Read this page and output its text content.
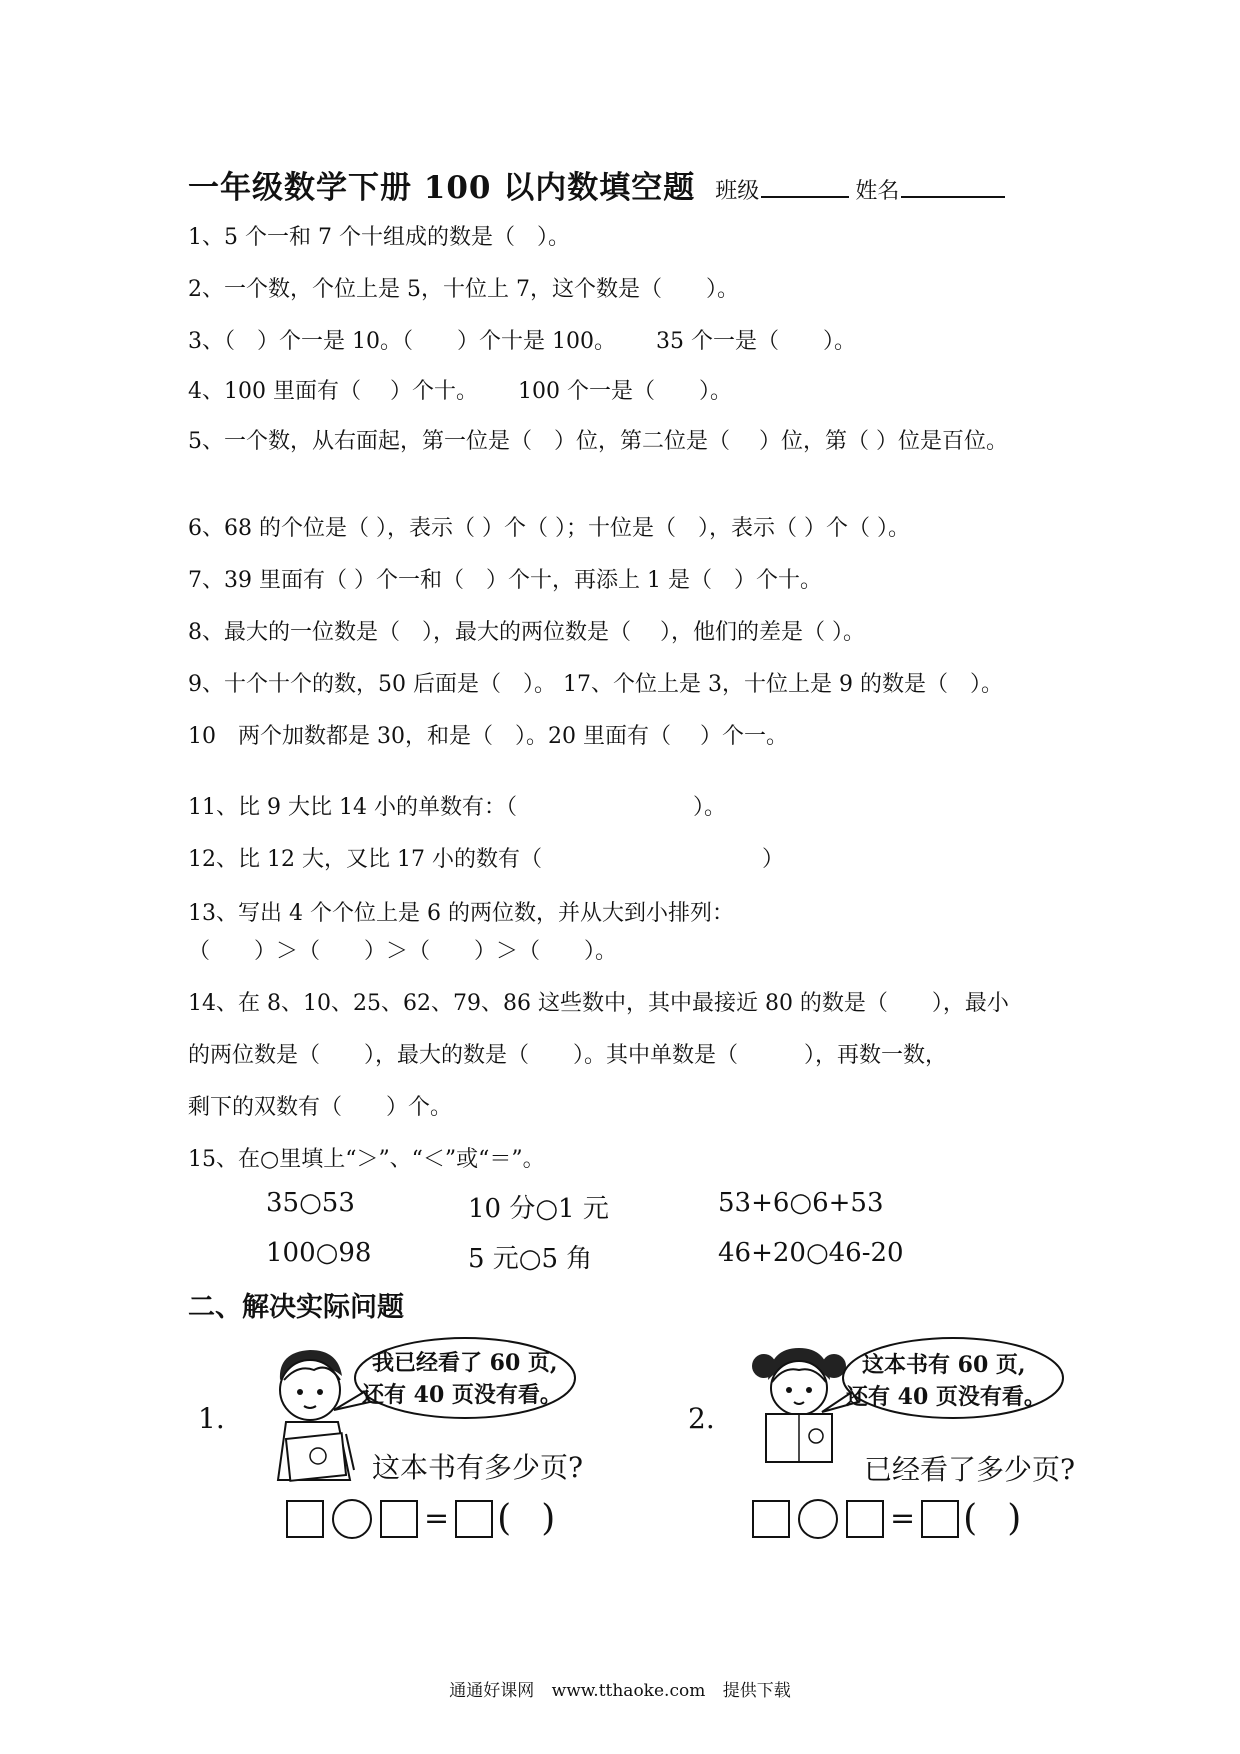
一年级数学下册 100 以内数填空题 班级	姓名
1、5 个一和 7 个十组成的数是（　）。
2、一个数，个位上是 5，十位上 7，这个数是（　　）。
3、（　）个一是 10。（　　）个十是 100。　　 35 个一是（　　）。
4、100 里面有（　 ）个十。　　 100 个一是（　　）。
5、一个数，从右面起，第一位是（　）位，第二位是（　 ）位，第（ ）位是百位。
6、68 的个位是（ ），表示（ ）个（ ）；十位是（　），表示（ ）个（ ）。
7、39 里面有（ ）个一和（　）个十，再添上 1 是（　）个十。
8、最大的一位数是（　），最大的两位数是（　 ），他们的差是（ ）。
9、十个十个的数，50 后面是（　）。 17、个位上是 3，十位上是 9 的数是（　）。
10　两个加数都是 30，和是（　）。20 里面有（　 ）个一。
11、比 9 大比 14 小的单数有：（　　　　　　　　）。
12、比 12 大，又比 17 小的数有（　　　　　　　　　　）
13、写出 4 个个位上是 6 的两位数，并从大到小排列：
（　　）＞（　　）＞（　　）＞（　　）。
14、在 8、10、25、62、79、86 这些数中，其中最接近 80 的数是（　　），最小
的两位数是（　　），最大的数是（　　）。其中单数是（　　　），再数一数，
剩下的双数有（　　）个。
15、在○里填上“＞”、“＜”或“＝”。
35○53	10 分○1 元	53+6○6+53
100○98	5 元○5 角	46+20○46-20
二、解决实际问题
1.
我已经看了 60 页,
还有 40 页没有看。
这本书有多少页?
= ( )
2.
这本书有 60 页,
还有 40 页没有看。
已经看了多少页?
= ( )
通通好课网 www.tthaoke.com 提供下载
